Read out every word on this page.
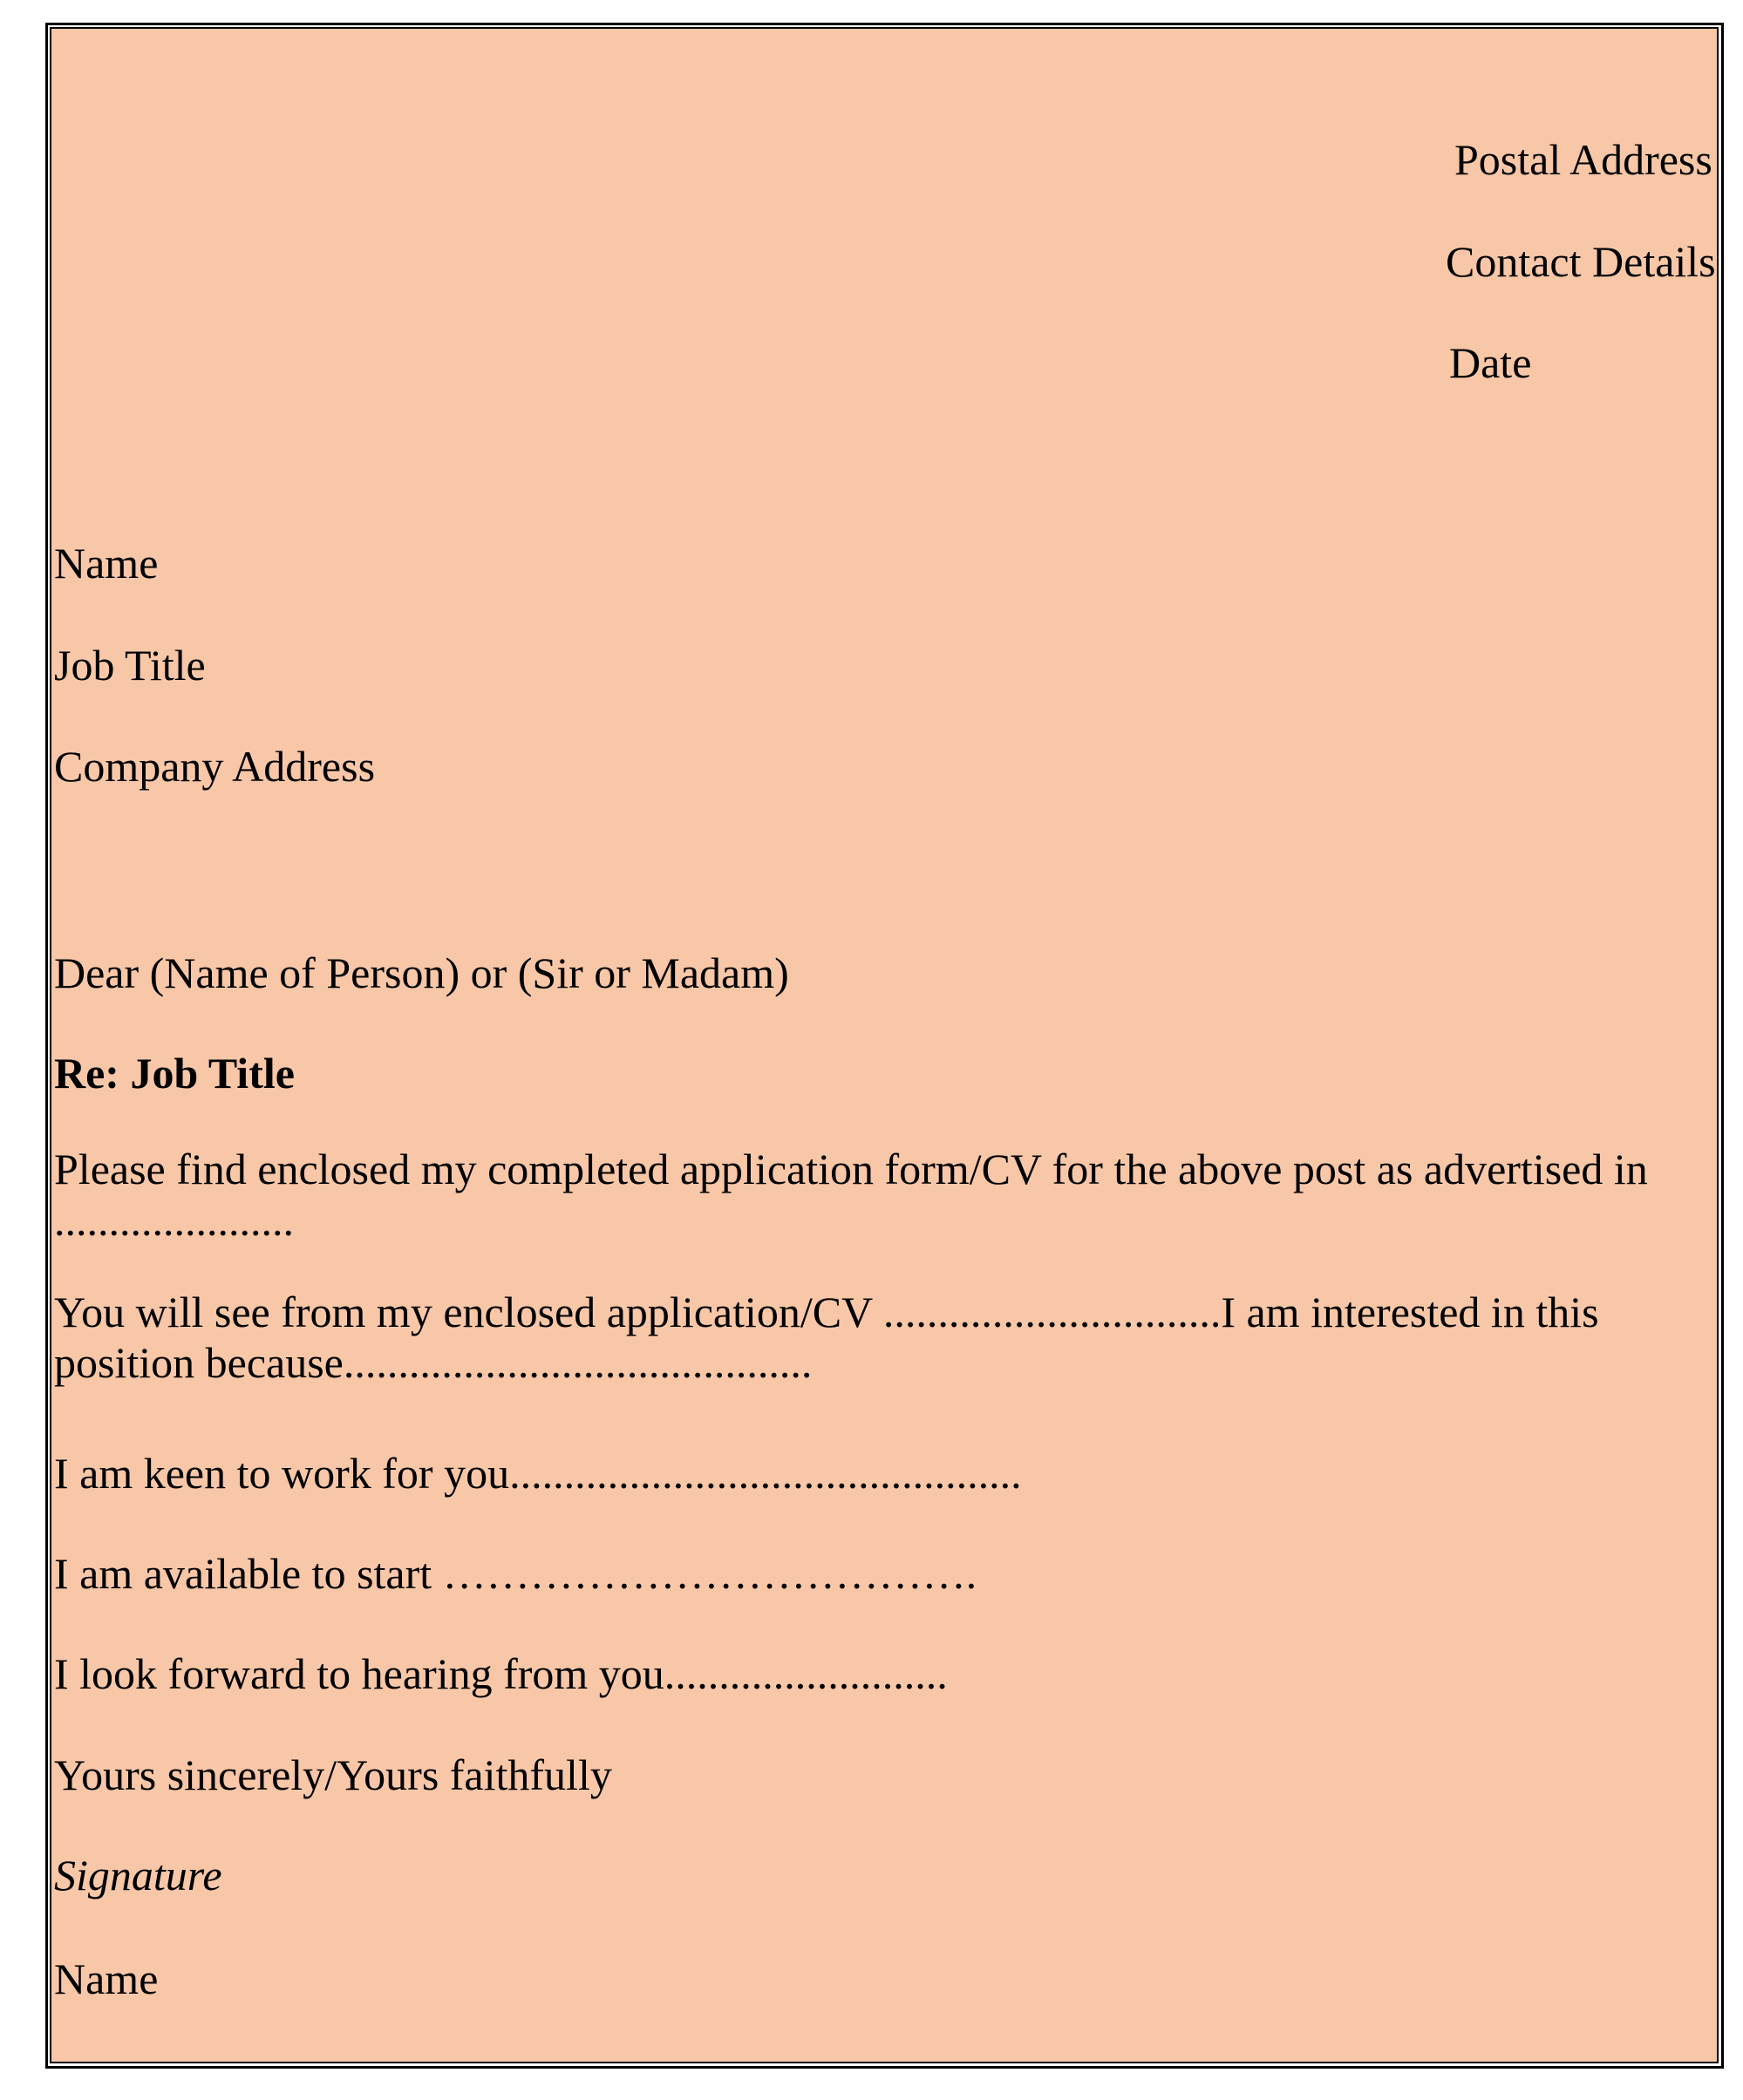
Postal Address

Contact Details

Date

Name

Job Title

Company Address

Dear (Name of Person) or (Sir or Madam)

Re: Job Title

Please find enclosed my completed application form/CV for the above post as advertised in

......................

You will see from my enclosed application/CV ...............................I am interested in this

position because...........................................

I am keen to work for you...............................................

I am available to start ……………………………….

I look forward to hearing from you..........................

Yours sincerely/Yours faithfully

Signature

Name
